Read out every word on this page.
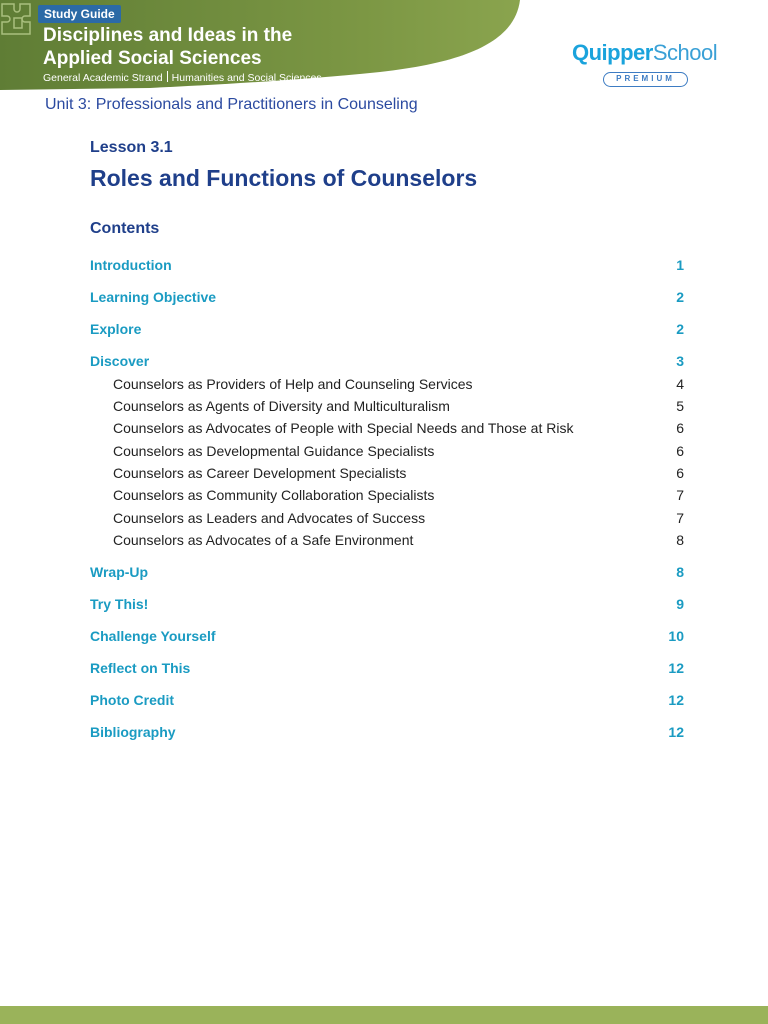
Study Guide
Disciplines and Ideas in the Applied Social Sciences
General Academic Strand Humanities and Social Sciences
QuipperSchool
PREMIUM
Unit 3: Professionals and Practitioners in Counseling
Lesson 3.1
Roles and Functions of Counselors
Contents
Introduction	1
Learning Objective	2
Explore	2
Discover	3
Counselors as Providers of Help and Counseling Services	4
Counselors as Agents of Diversity and Multiculturalism	5
Counselors as Advocates of People with Special Needs and Those at Risk	6
Counselors as Developmental Guidance Specialists	6
Counselors as Career Development Specialists	6
Counselors as Community Collaboration Specialists	7
Counselors as Leaders and Advocates of Success	7
Counselors as Advocates of a Safe Environment	8
Wrap-Up	8
Try This!	9
Challenge Yourself	10
Reflect on This	12
Photo Credit	12
Bibliography	12
